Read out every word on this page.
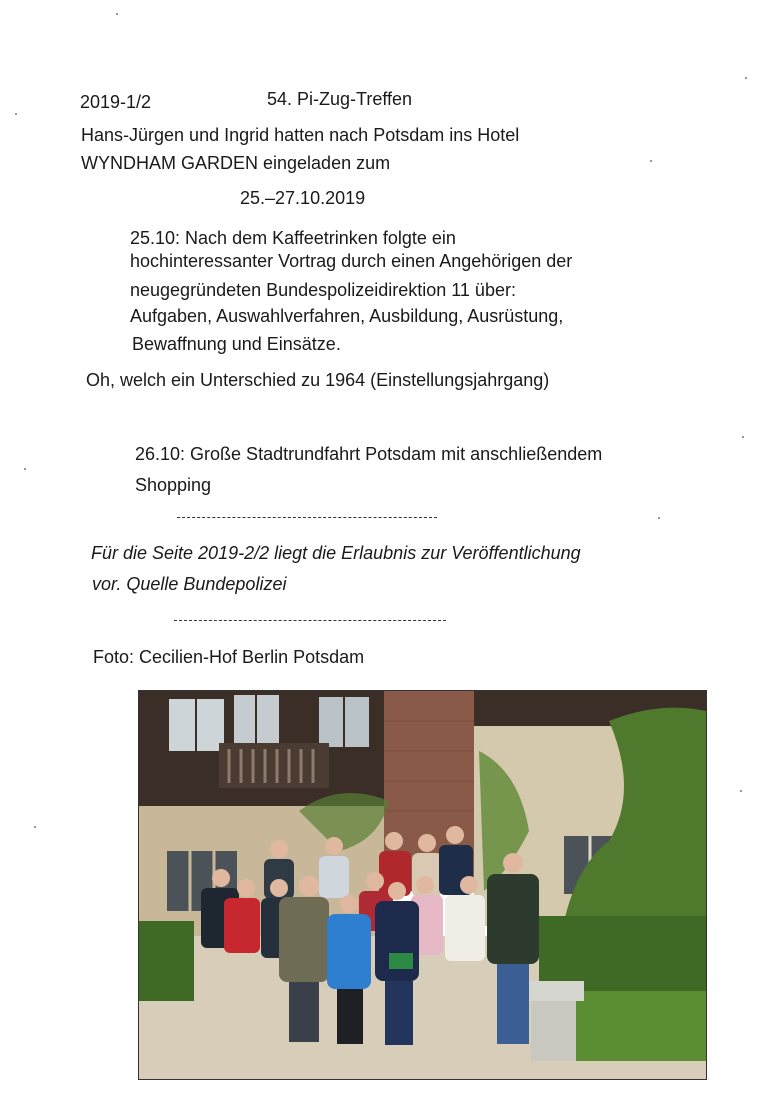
2019-1/2	54. Pi-Zug-Treffen
Hans-Jürgen und Ingrid hatten nach Potsdam ins Hotel
WYNDHAM GARDEN eingeladen zum
25.–27.10.2019
25.10: Nach dem Kaffeetrinken folgte ein
hochinteressanter Vortrag durch einen Angehörigen der
neugegründeten Bundespolizeidirektion 11 über:
Aufgaben, Auswahlverfahren, Ausbildung, Ausrüstung,
Bewaffnung und Einsätze.
Oh, welch ein Unterschied zu 1964 (Einstellungsjahrgang)
26.10: Große Stadtrundfahrt Potsdam mit anschließendem
Shopping
Für die Seite 2019-2/2 liegt die Erlaubnis zur Veröffentlichung
vor. Quelle Bundepolizei
Foto: Cecilien-Hof Berlin Potsdam
